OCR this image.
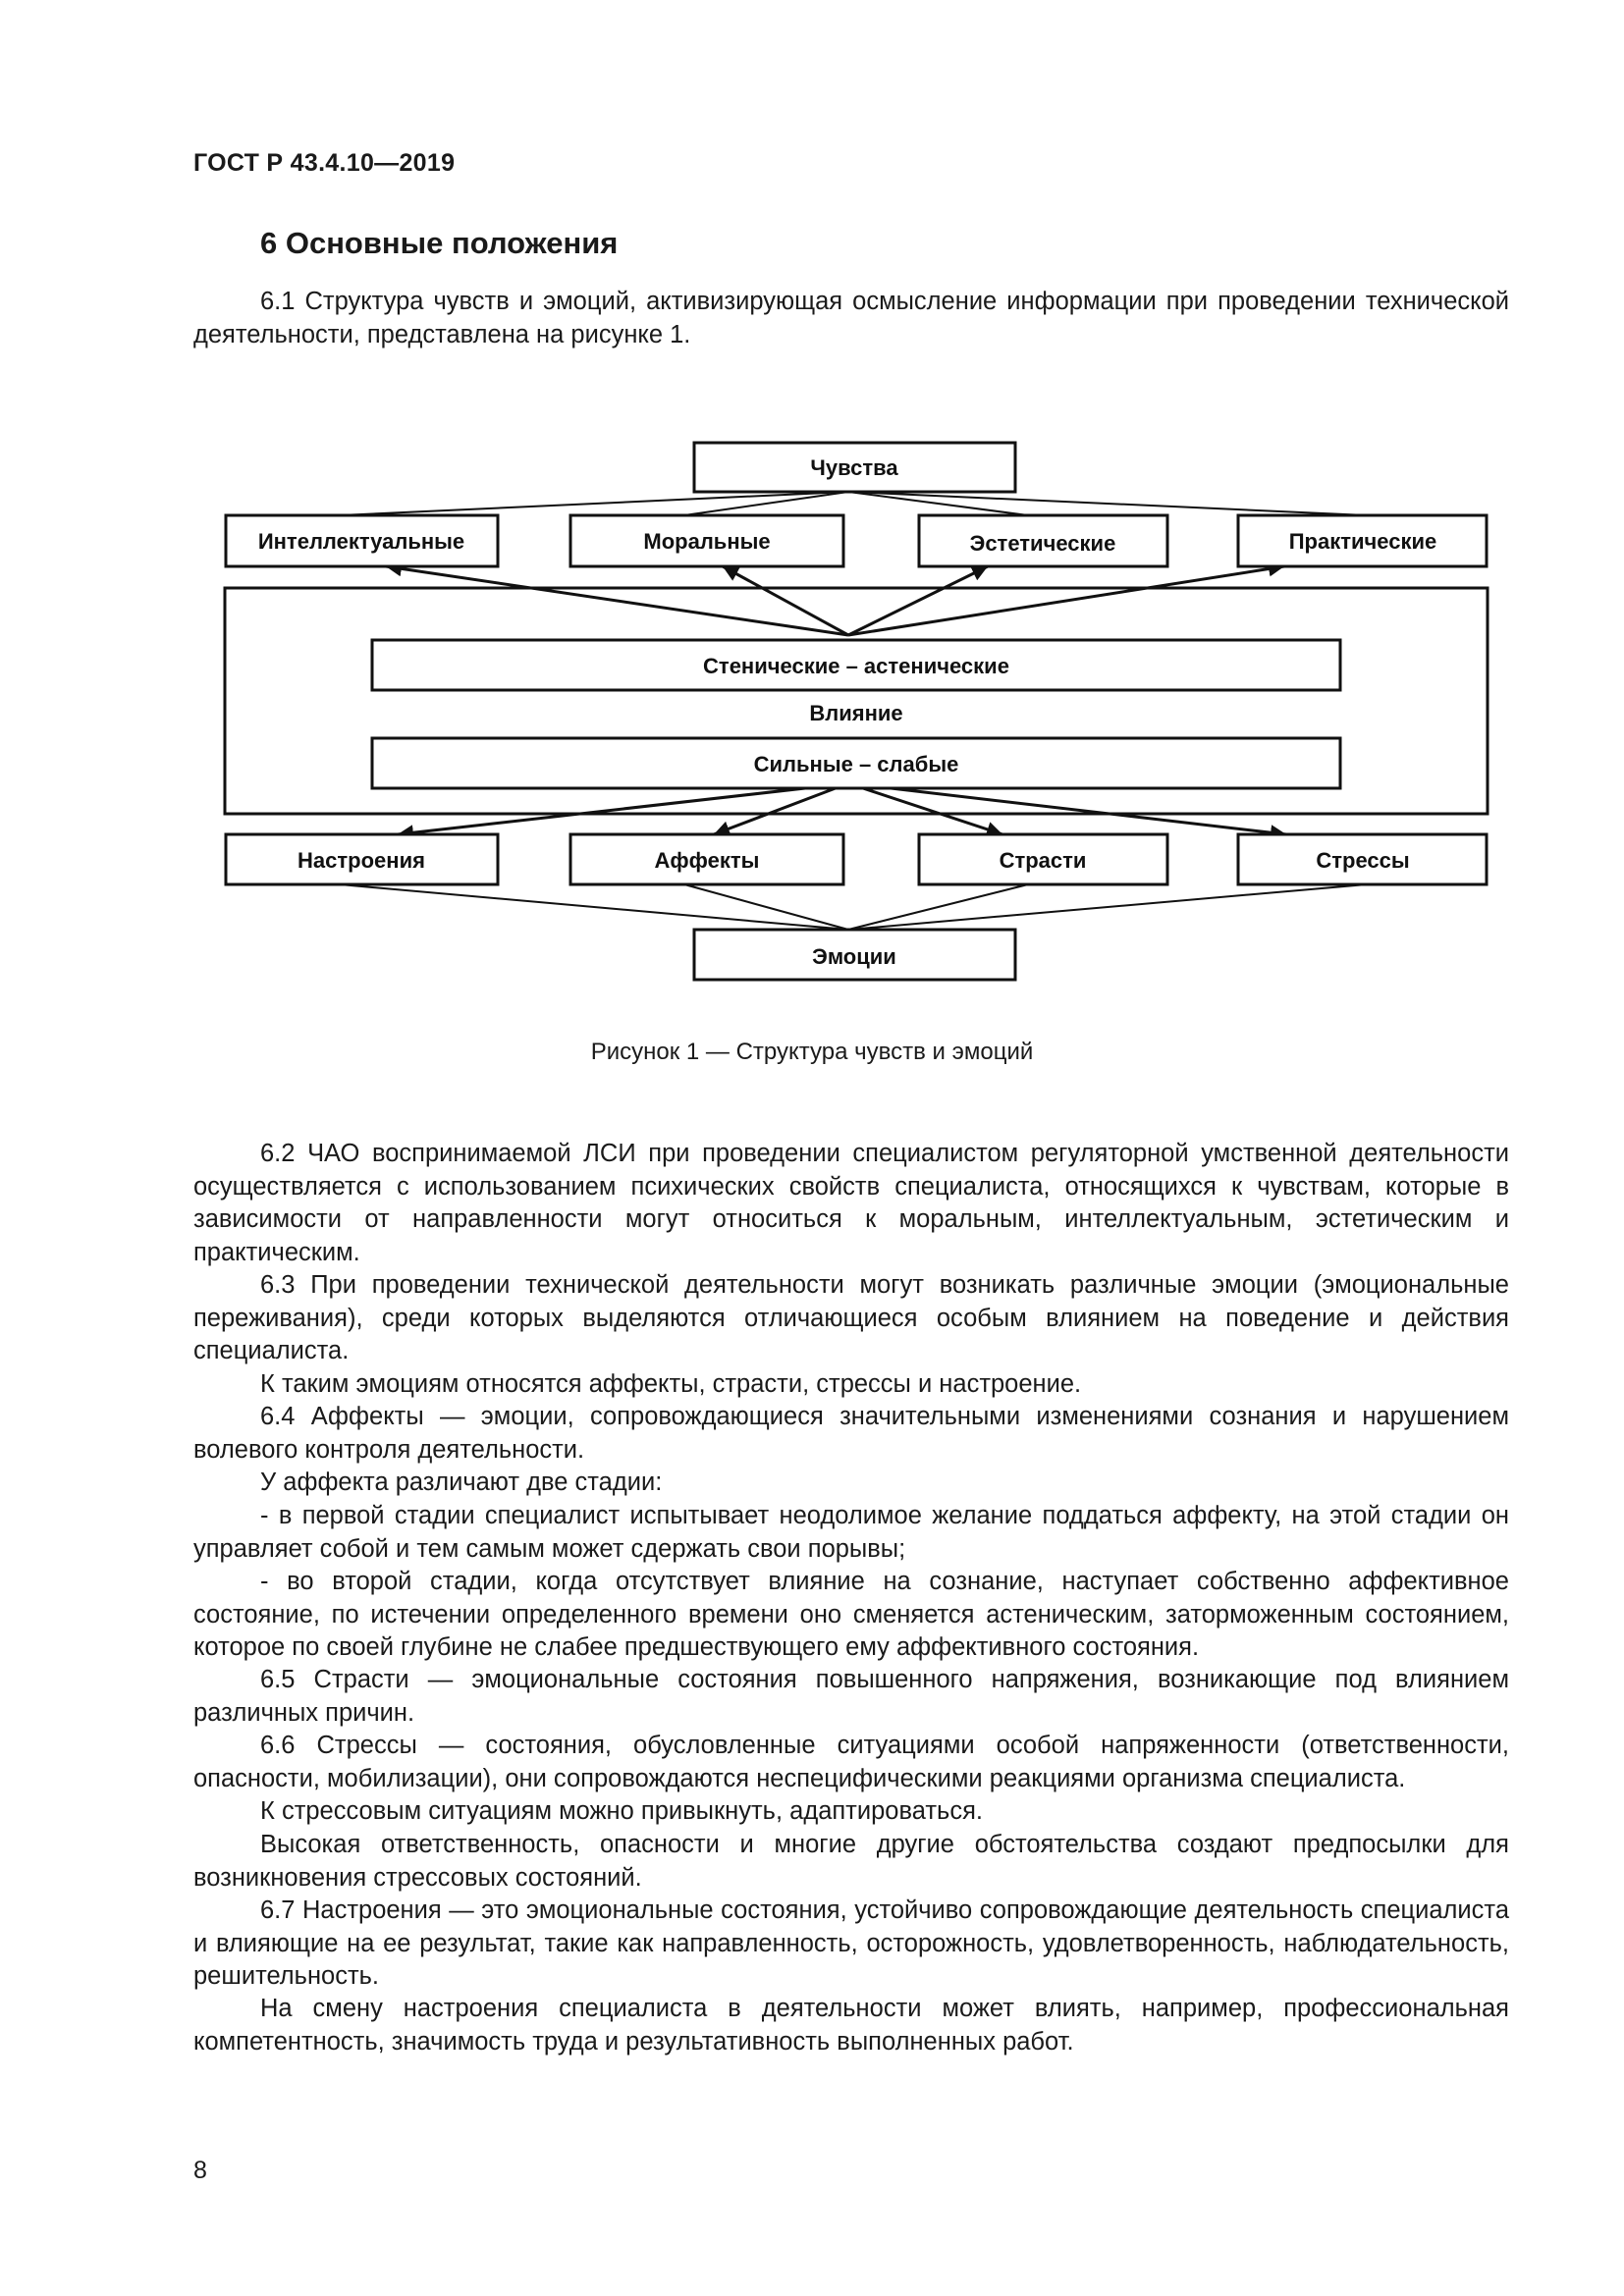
ГОСТ Р 43.4.10—2019
6 Основные положения

6.1 Структура чувств и эмоций, активизирующая осмысление информации при проведении технической деятельности, представлена на рисунке 1.

Чувства
Интеллектуальные	Моральные	Эстетические	Практические
Стенические – астенические
Влияние
Сильные – слабые
Настроения	Аффекты	Страсти	Стрессы
Эмоции
Рисунок 1 — Структура чувств и эмоций

6.2 ЧАО воспринимаемой ЛСИ при проведении специалистом регуляторной умственной деятельности осуществляется с использованием психических свойств специалиста, относящихся к чувствам, которые в зависимости от направленности могут относиться к моральным, интеллектуальным, эстетическим и практическим.

6.3 При проведении технической деятельности могут возникать различные эмоции (эмоциональные переживания), среди которых выделяются отличающиеся особым влиянием на поведение и действия специалиста.

К таким эмоциям относятся аффекты, страсти, стрессы и настроение.

6.4 Аффекты — эмоции, сопровождающиеся значительными изменениями сознания и нарушением волевого контроля деятельности.

У аффекта различают две стадии:

- в первой стадии специалист испытывает неодолимое желание поддаться аффекту, на этой стадии он управляет собой и тем самым может сдержать свои порывы;

- во второй стадии, когда отсутствует влияние на сознание, наступает собственно аффективное состояние, по истечении определенного времени оно сменяется астеническим, заторможенным состоянием, которое по своей глубине не слабее предшествующего ему аффективного состояния.

6.5 Страсти — эмоциональные состояния повышенного напряжения, возникающие под влиянием различных причин.

6.6 Стрессы — состояния, обусловленные ситуациями особой напряженности (ответственности, опасности, мобилизации), они сопровождаются неспецифическими реакциями организма специалиста.

К стрессовым ситуациям можно привыкнуть, адаптироваться.

Высокая ответственность, опасности и многие другие обстоятельства создают предпосылки для возникновения стрессовых состояний.

6.7 Настроения — это эмоциональные состояния, устойчиво сопровождающие деятельность специалиста и влияющие на ее результат, такие как направленность, осторожность, удовлетворенность, наблюдательность, решительность.

На смену настроения специалиста в деятельности может влиять, например, профессиональная компетентность, значимость труда и результативность выполненных работ.

8
